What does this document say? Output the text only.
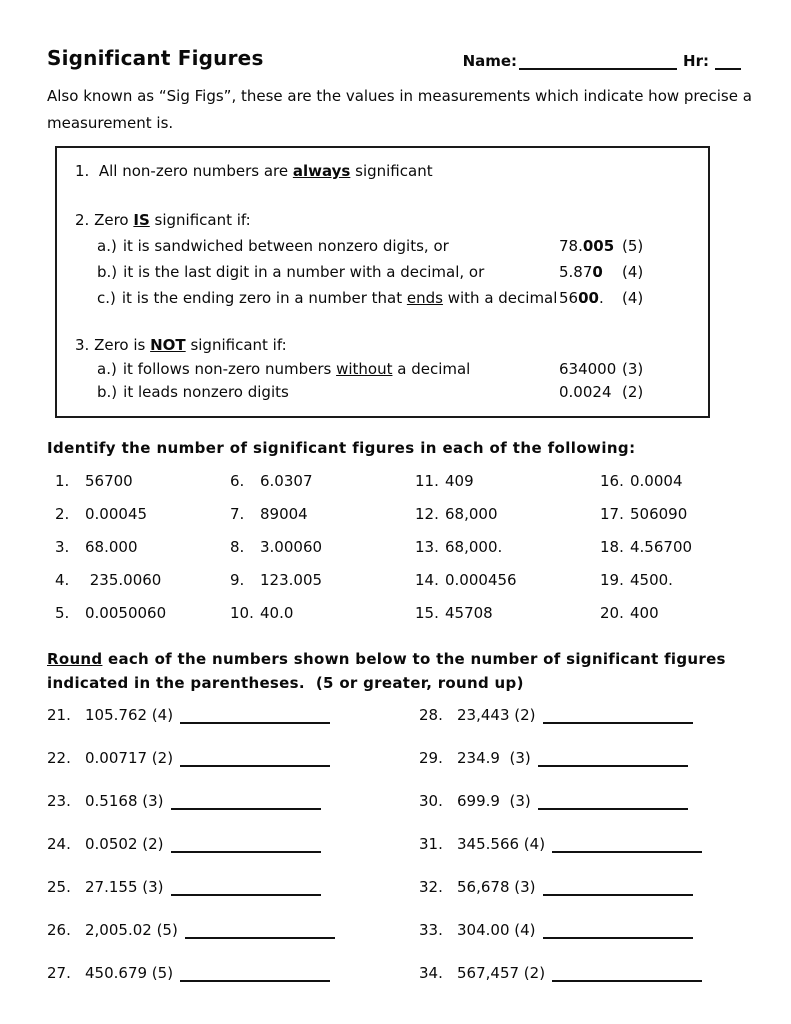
Significant Figures	Name:	Hr:
Also known as “Sig Figs”, these are the values in measurements which indicate how precise a
measurement is.
1.  All non-zero numbers are always significant
2. Zero IS significant if:
a.) it is sandwiched between nonzero digits, or	78.005 (5)
b.) it is the last digit in a number with a decimal, or	5.870	(4)
c.) it is the ending zero in a number that ends with a decimal 5600.	(4)
3. Zero is NOT significant if:
a.) it follows non-zero numbers without a decimal	634000 (3)
b.) it leads nonzero digits	0.0024 (2)
Identify the number of significant figures in each of the following:
1. 56700
2. 0.00045
3. 68.000
4. 235.0060
5. 0.0050060
6. 6.0307
7. 89004
8. 3.00060
9. 123.005
10. 40.0
11. 409
12. 68,000
13. 68,000.
14. 0.000456
15. 45708
16. 0.0004
17. 506090
18. 4.56700
19. 4500.
20. 400
Round each of the numbers shown below to the number of significant figures
indicated in the parentheses.  (5 or greater, round up)
21. 105.762 (4)
22. 0.00717 (2)
23. 0.5168 (3)
24. 0.0502 (2)
25. 27.155 (3)
26. 2,005.02 (5)
27. 450.679 (5)
28. 23,443 (2)
29. 234.9  (3)
30. 699.9  (3)
31. 345.566 (4)
32. 56,678 (3)
33. 304.00 (4)
34. 567,457 (2)
